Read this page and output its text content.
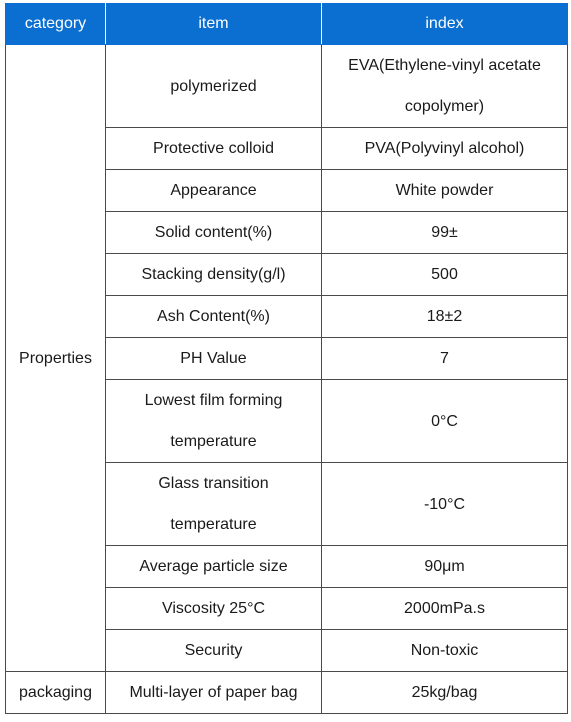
category	item	index
Properties	polymerized	EVA(Ethylene-vinyl acetate
copolymer)

	Protective colloid	PVA(Polyvinyl alcohol)
	Appearance	White powder
	Solid content(%)	99±
	Stacking density(g/l)	500
	Ash Content(%)	18±2
	PH Value	7

	Lowest film forming
temperature	0°C

	Glass transition
temperature	-10°C
	Average particle size	90μm
	Viscosity 25°C	2000mPa.s
	Security	Non-toxic
packaging	Multi-layer of paper bag	25kg/bag
